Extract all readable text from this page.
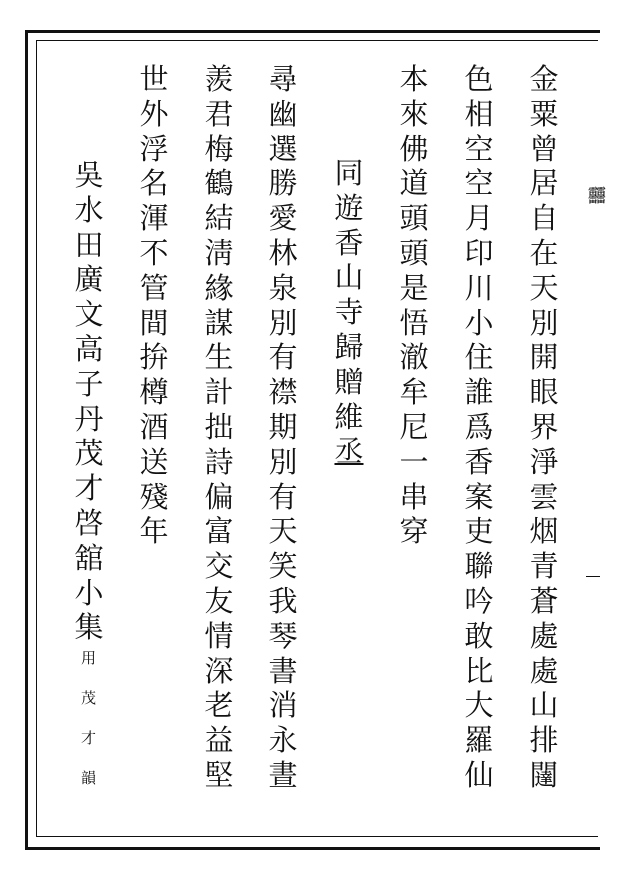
䨻
金
粟
曾
居
自
在
天
別
開
眼
界
淨
雲
烟
青
蒼
處
處
山
排
闥
色
相
空
空
月
印
川
小
住
誰
爲
香
案
吏
聯
吟
敢
比
大
羅
仙
本
來
佛
道
頭
頭
是
悟
澈
牟
尼
一
串
穿
同
遊
香
山
寺
歸
贈
維
丞
尋
幽
選
勝
愛
林
泉
別
有
襟
期
別
有
天
笑
我
琴
書
消
永
晝
羨
君
梅
鶴
結
淸
緣
謀
生
計
拙
詩
偏
富
交
友
情
深
老
益
堅
世
外
浮
名
渾
不
管
間
拚
樽
酒
送
殘
年
吳
水
田
廣
文
高
子
丹
茂
才
啓
舘
小
集
用
茂
才
韻
